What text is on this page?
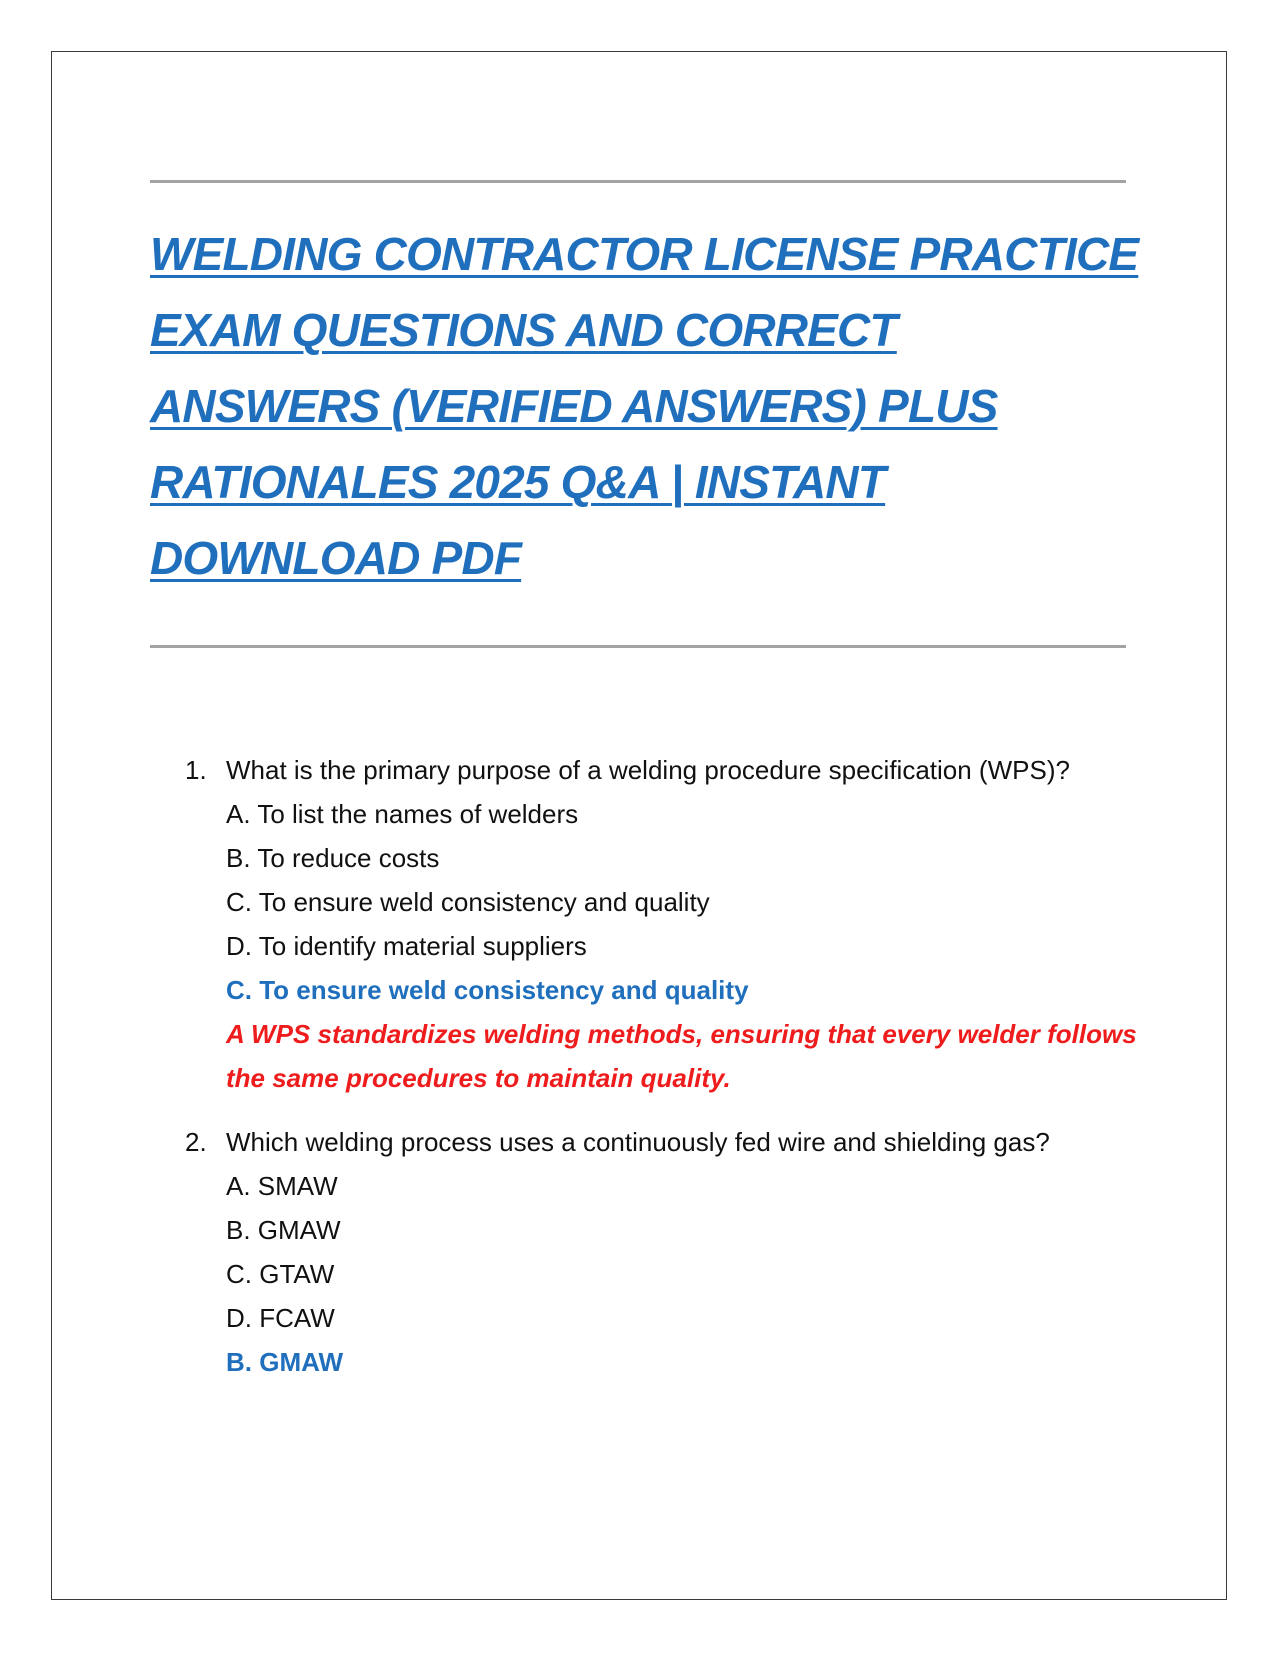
WELDING CONTRACTOR LICENSE PRACTICE
EXAM QUESTIONS AND CORRECT
ANSWERS (VERIFIED ANSWERS) PLUS
RATIONALES 2025 Q&A | INSTANT
DOWNLOAD PDF
1. What is the primary purpose of a welding procedure specification (WPS)?

A. To list the names of welders

B. To reduce costs

C. To ensure weld consistency and quality

D. To identify material suppliers

C. To ensure weld consistency and quality

A WPS standardizes welding methods, ensuring that every welder follows the same procedures to maintain quality.

2. Which welding process uses a continuously fed wire and shielding gas?

A. SMAW

B. GMAW

C. GTAW

D. FCAW

B. GMAW
